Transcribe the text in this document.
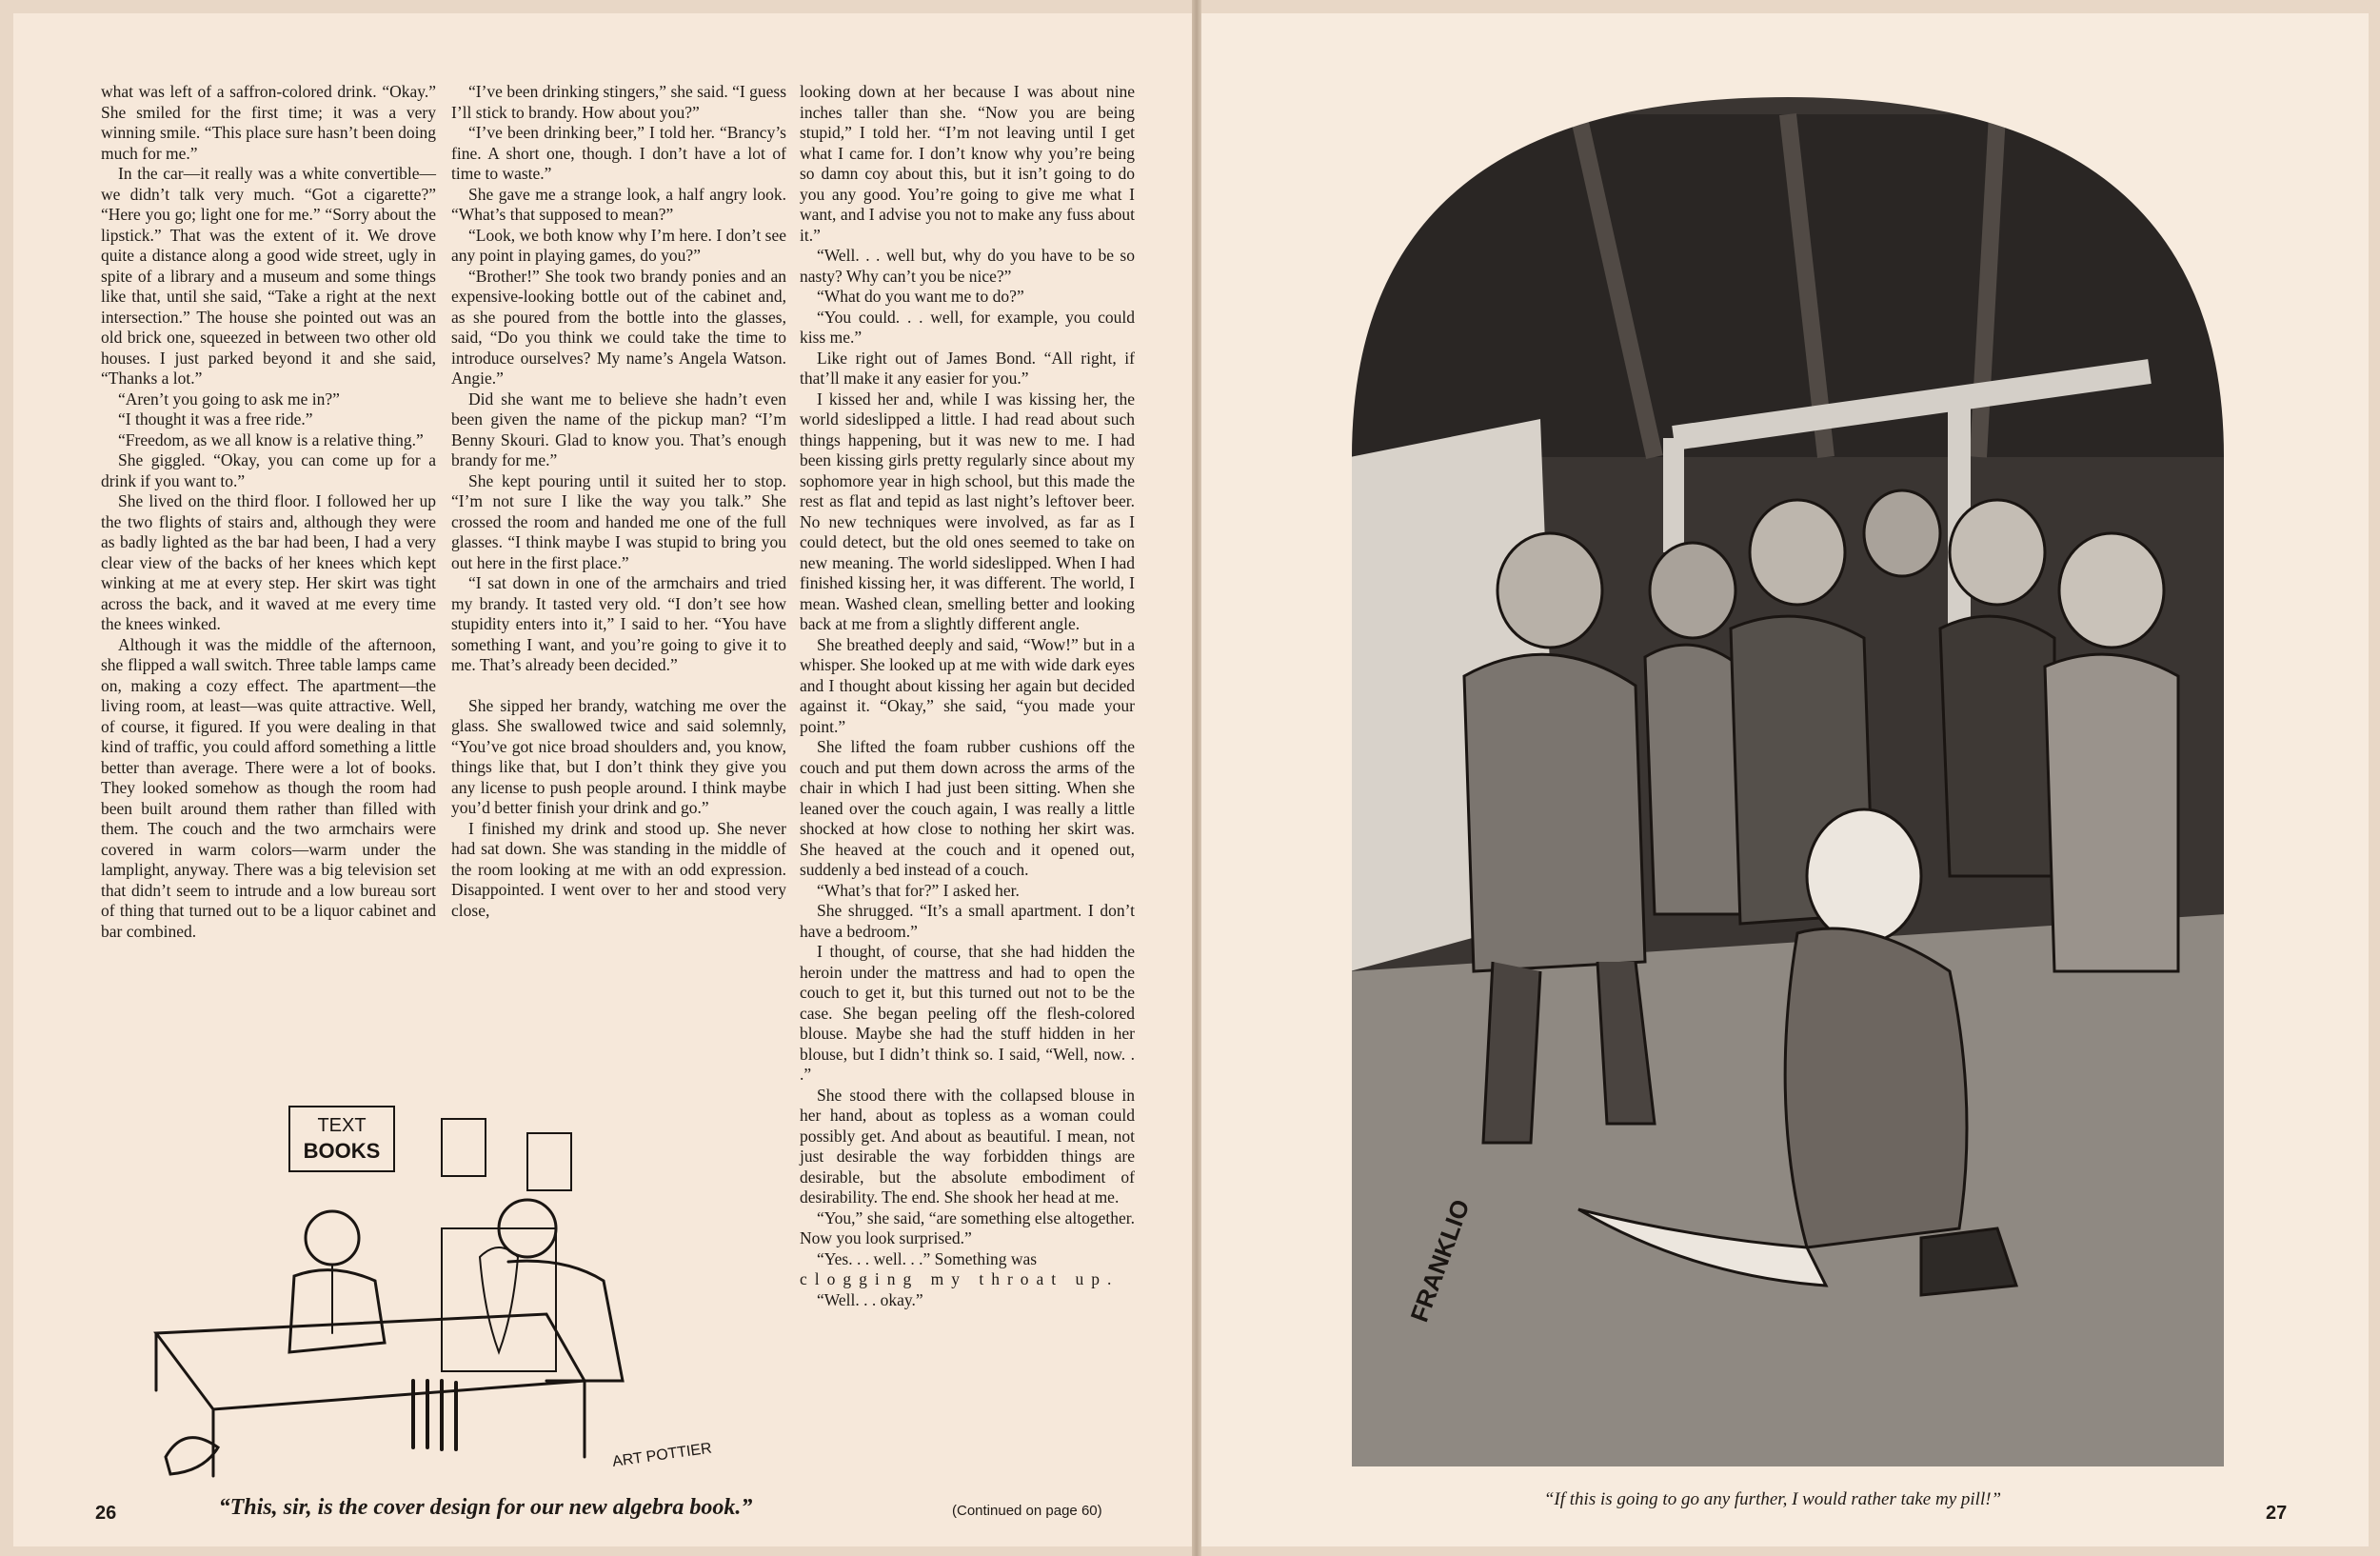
what was left of a saffron-colored drink. “Okay.” She smiled for the first time; it was a very winning smile. “This place sure hasn’t been doing much for me.”

In the car—it really was a white convertible—we didn’t talk very much. “Got a cigarette?” “Here you go; light one for me.” “Sorry about the lipstick.” That was the extent of it. We drove quite a distance along a good wide street, ugly in spite of a library and a museum and some things like that, until she said, “Take a right at the next intersection.” The house she pointed out was an old brick one, squeezed in between two other old houses. I just parked beyond it and she said, “Thanks a lot.”

“Aren’t you going to ask me in?”

“I thought it was a free ride.”

“Freedom, as we all know is a relative thing.”

She giggled. “Okay, you can come up for a drink if you want to.”

She lived on the third floor. I followed her up the two flights of stairs and, although they were as badly lighted as the bar had been, I had a very clear view of the backs of her knees which kept winking at me at every step. Her skirt was tight across the back, and it waved at me every time the knees winked.

Although it was the middle of the afternoon, she flipped a wall switch. Three table lamps came on, making a cozy effect. The apartment—the living room, at least—was quite attractive. Well, of course, it figured. If you were dealing in that kind of traffic, you could afford something a little better than average. There were a lot of books. They looked somehow as though the room had been built around them rather than filled with them. The couch and the two armchairs were covered in warm colors—warm under the lamplight, anyway. There was a big television set that didn’t seem to intrude and a low bureau sort of thing that turned out to be a liquor cabinet and bar combined.

“I’ve been drinking stingers,” she said. “I guess I’ll stick to brandy. How about you?”

“I’ve been drinking beer,” I told her. “Brancy’s fine. A short one, though. I don’t have a lot of time to waste.”

She gave me a strange look, a half angry look. “What’s that supposed to mean?”

“Look, we both know why I’m here. I don’t see any point in playing games, do you?”

“Brother!” She took two brandy ponies and an expensive-looking bottle out of the cabinet and, as she poured from the bottle into the glasses, said, “Do you think we could take the time to introduce ourselves? My name’s Angela Watson. Angie.”

Did she want me to believe she hadn’t even been given the name of the pickup man? “I’m Benny Skouri. Glad to know you. That’s enough brandy for me.”

She kept pouring until it suited her to stop. “I’m not sure I like the way you talk.” She crossed the room and handed me one of the full glasses. “I think maybe I was stupid to bring you out here in the first place.”

“I sat down in one of the armchairs and tried my brandy. It tasted very old. “I don’t see how stupidity enters into it,” I said to her. “You have something I want, and you’re going to give it to me. That’s already been decided.”

She sipped her brandy, watching me over the glass. She swallowed twice and said solemnly, “You’ve got nice broad shoulders and, you know, things like that, but I don’t think they give you any license to push people around. I think maybe you’d better finish your drink and go.”

I finished my drink and stood up. She never had sat down. She was standing in the middle of the room looking at me with an odd expression. Disappointed. I went over to her and stood very close,

looking down at her because I was about nine inches taller than she. “Now you are being stupid,” I told her. “I’m not leaving until I get what I came for. I don’t know why you’re being so damn coy about this, but it isn’t going to do you any good. You’re going to give me what I want, and I advise you not to make any fuss about it.”

“Well. . . well but, why do you have to be so nasty? Why can’t you be nice?”

“What do you want me to do?”

“You could. . . well, for example, you could kiss me.”

Like right out of James Bond. “All right, if that’ll make it any easier for you.”

I kissed her and, while I was kissing her, the world sideslipped a little. I had read about such things happening, but it was new to me. I had been kissing girls pretty regularly since about my sophomore year in high school, but this made the rest as flat and tepid as last night’s leftover beer. No new techniques were involved, as far as I could detect, but the old ones seemed to take on new meaning. The world sideslipped. When I had finished kissing her, it was different. The world, I mean. Washed clean, smelling better and looking back at me from a slightly different angle.

She breathed deeply and said, “Wow!” but in a whisper. She looked up at me with wide dark eyes and I thought about kissing her again but decided against it. “Okay,” she said, “you made your point.”

She lifted the foam rubber cushions off the couch and put them down across the arms of the chair in which I had just been sitting. When she leaned over the couch again, I was really a little shocked at how close to nothing her skirt was. She heaved at the couch and it opened out, suddenly a bed instead of a couch.

“What’s that for?” I asked her.

She shrugged. “It’s a small apartment. I don’t have a bedroom.”

I thought, of course, that she had hidden the heroin under the mattress and had to open the couch to get it, but this turned out not to be the case. She began peeling off the flesh-colored blouse. Maybe she had the stuff hidden in her blouse, but I didn’t think so. I said, “Well, now. . .”

She stood there with the collapsed blouse in her hand, about as topless as a woman could possibly get. And about as beautiful. I mean, not just desirable the way forbidden things are desirable, but the absolute embodiment of desirability. The end. She shook her head at me.

“You,” she said, “are something else altogether. Now you look surprised.”

“Yes. . . well. . .” Something was

clogging my throat up.

“Well. . . okay.”

TEXT
BOOKS
ART POTTIER
“This, sir, is the cover design for our new algebra book.”
26	(Continued on page 60)
FRANKLIO
“If this is going to go any further, I would rather take my pill!”
27
